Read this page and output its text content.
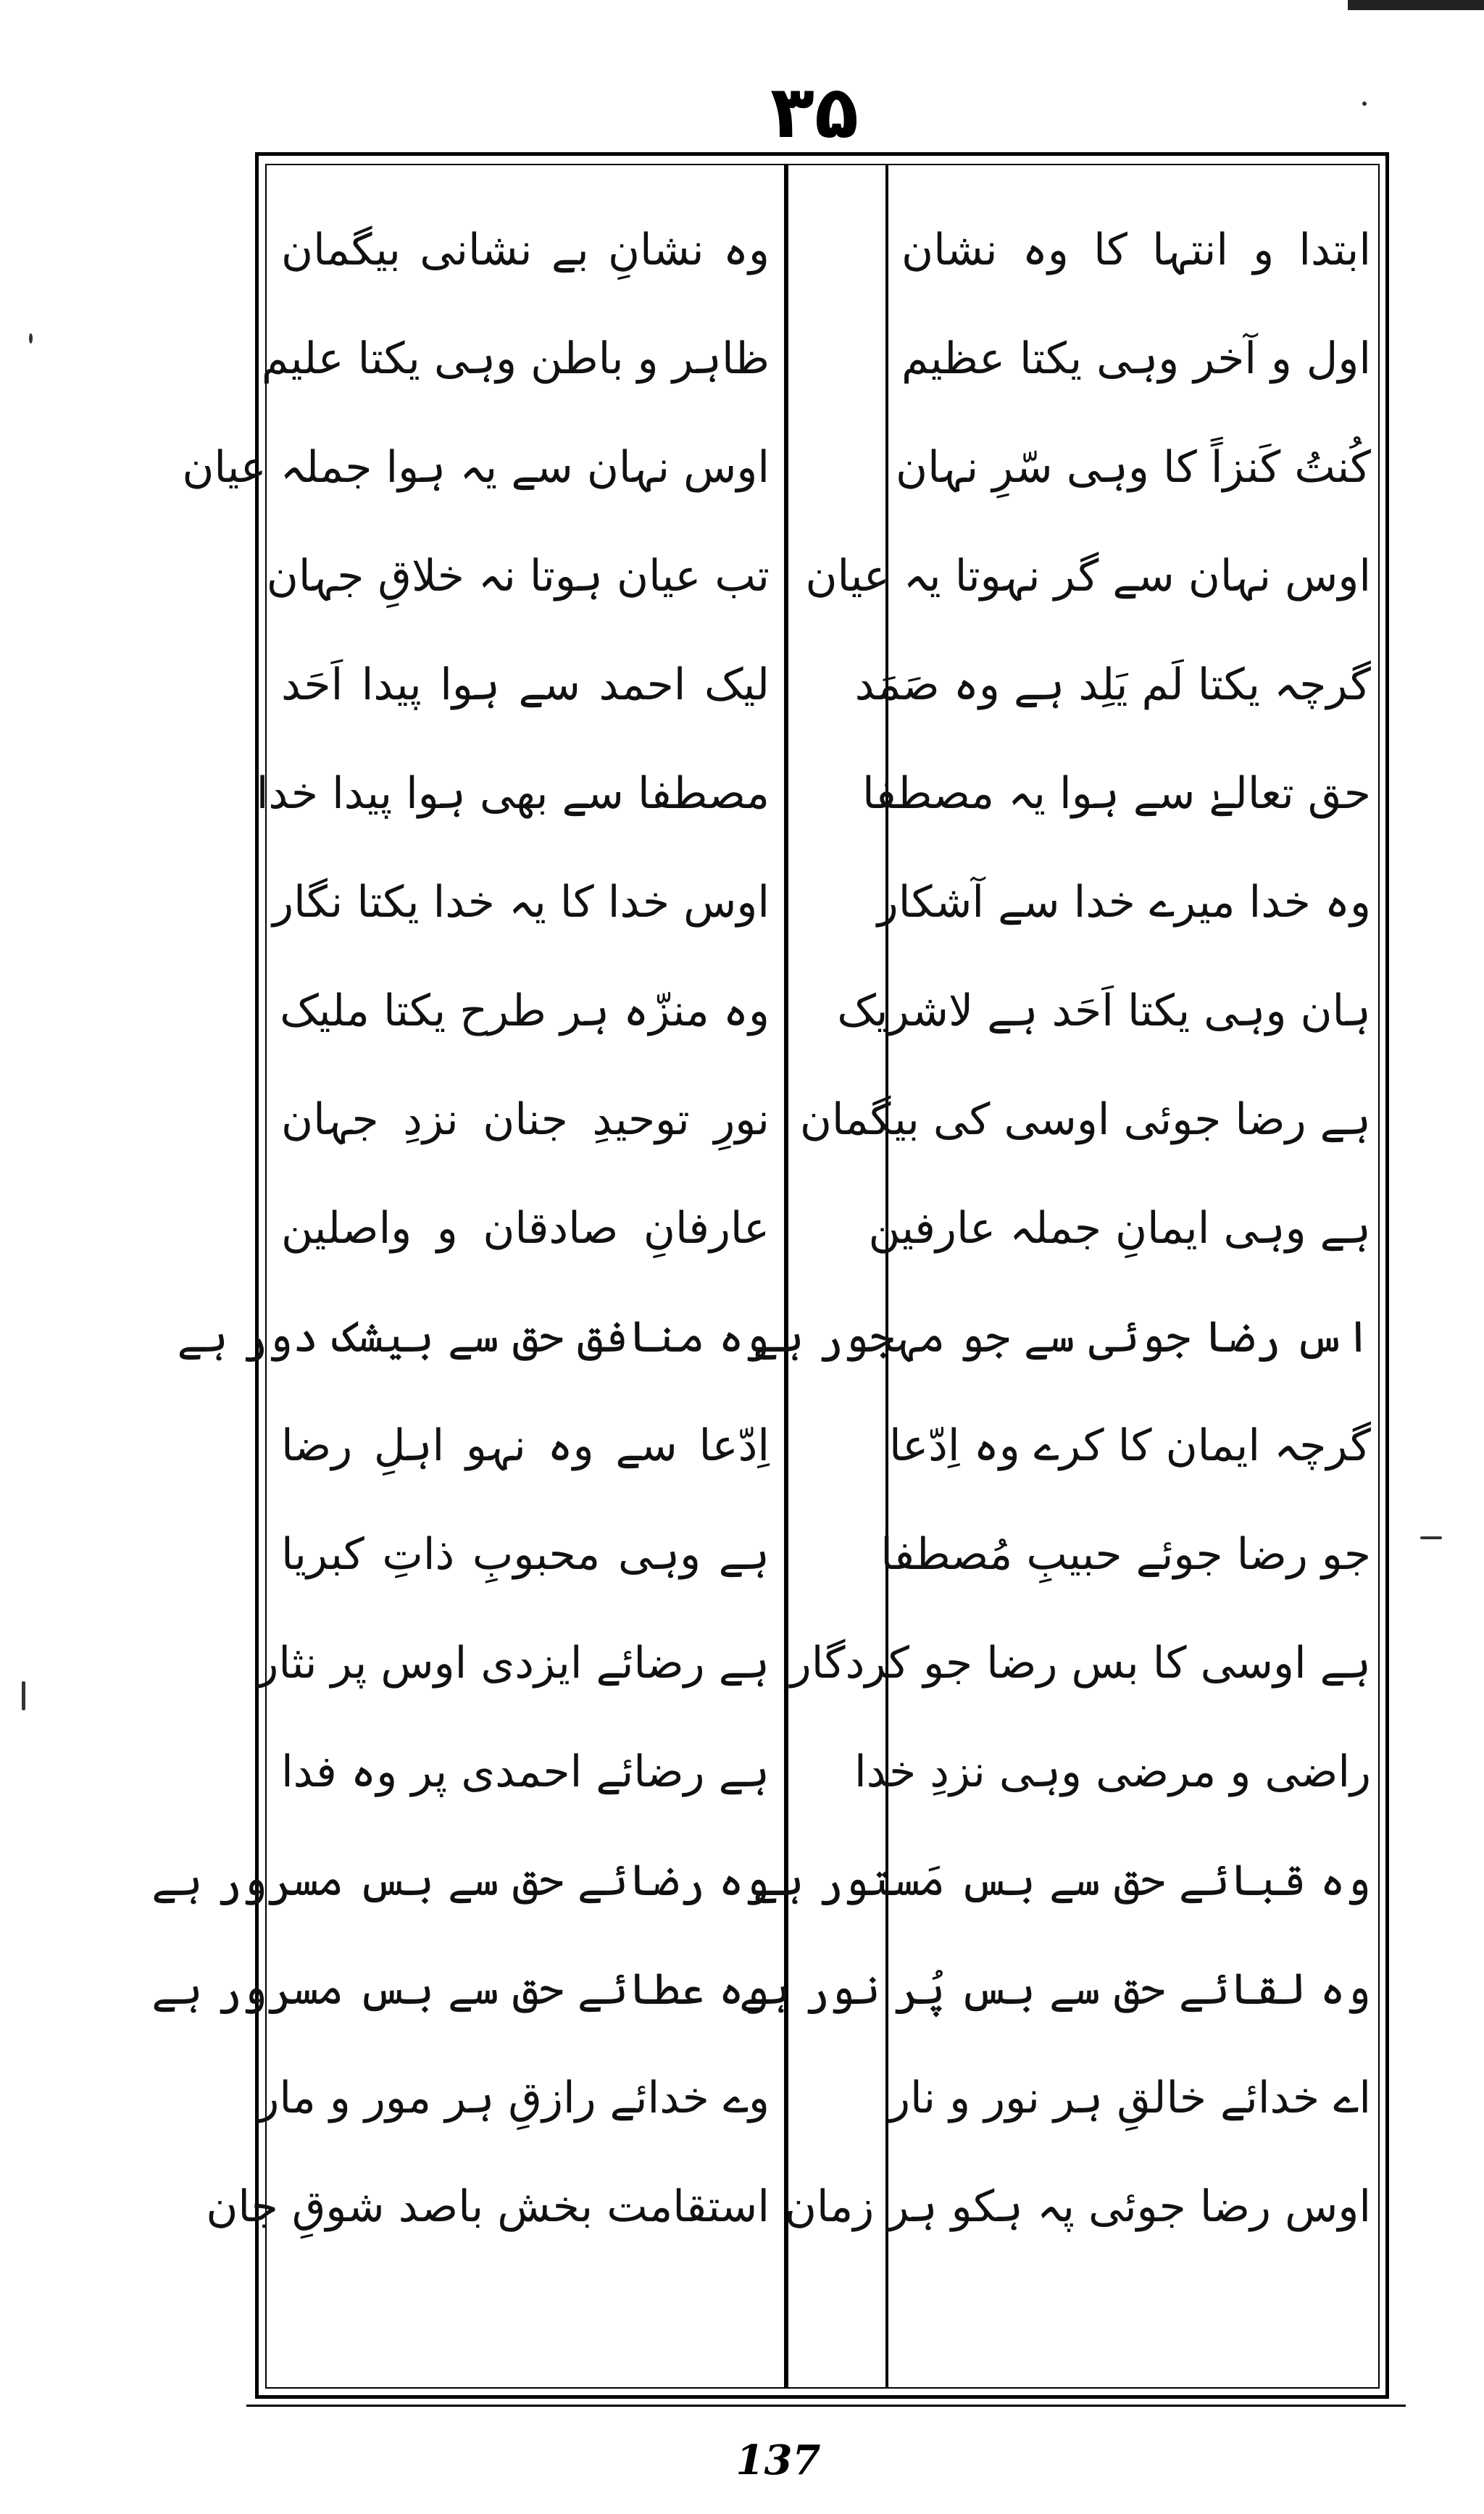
۳۵
ابتدا و انتہا کا وہ نشان
اول و آخر وہی یکتا عظیم
کُنتُ کَنزاً کا وہی سّرِ نہان
اوس نہان سے گر نہوتا یہ عیان
گرچہ یکتا لَم یَلِد ہے وہ صَمَد
حق تعالےٰ سے ہوا یہ مصطفا
وہ خدا میرے خدا سے آشکار
ہان وہی یکتا اَحَد ہے لاشریک
ہے رضا جوئی اوسی کی بیگمان
ہے وہی ایمانِ جملہ عارفین
اس رضا جوئی سے جو مہجور ہے
گرچہ ایمان کا کرے وہ اِدّعا
جو رضا جوئے حبیبِ مُصطفا
ہے اوسی کا بس رضا جو کردگار
راضی و مرضی وہی نزدِ خدا
وہ قبائے حق سے بس مَستور ہے
وہ لقائے حق سے بس پُر نور ہے
اے خدائے خالقِ ہر نور و نار
اوس رضا جوئی پہ ہکو ہر زمان
وہ نشانِ بے نشانی بیگمان
ظاہر و باطن وہی یکتا علیم
اوس نہان سے یہ ہوا جملہ عیان
تب عیان ہوتا نہ خلاقِ جہان
لیک احمد سے ہوا پیدا اَحَد
مصطفا سے بھی ہوا پیدا خدا
اوس خدا کا یہ خدا یکتا نگار
وہ منزّہ ہر طرح یکتا ملیک
نورِ توحیدِ جنان نزدِ جہان
عارفانِ صادقان و واصلین
وہ منافق حق سے بیشک دور ہے
اِدّعا سے وہ نہو اہلِ رضا
ہے وہی محبوبِ ذاتِ کبریا
ہے رضائے ایزدی اوس پر نثار
ہے رضائے احمدی پر وہ فدا
وہ رضائے حق سے بس مسرور ہے
وہ عطائے حق سے بس مسرور ہے
وے خدائے رازقِ ہر مور و مار
استقامت بخش باصد شوقِ جان
137
